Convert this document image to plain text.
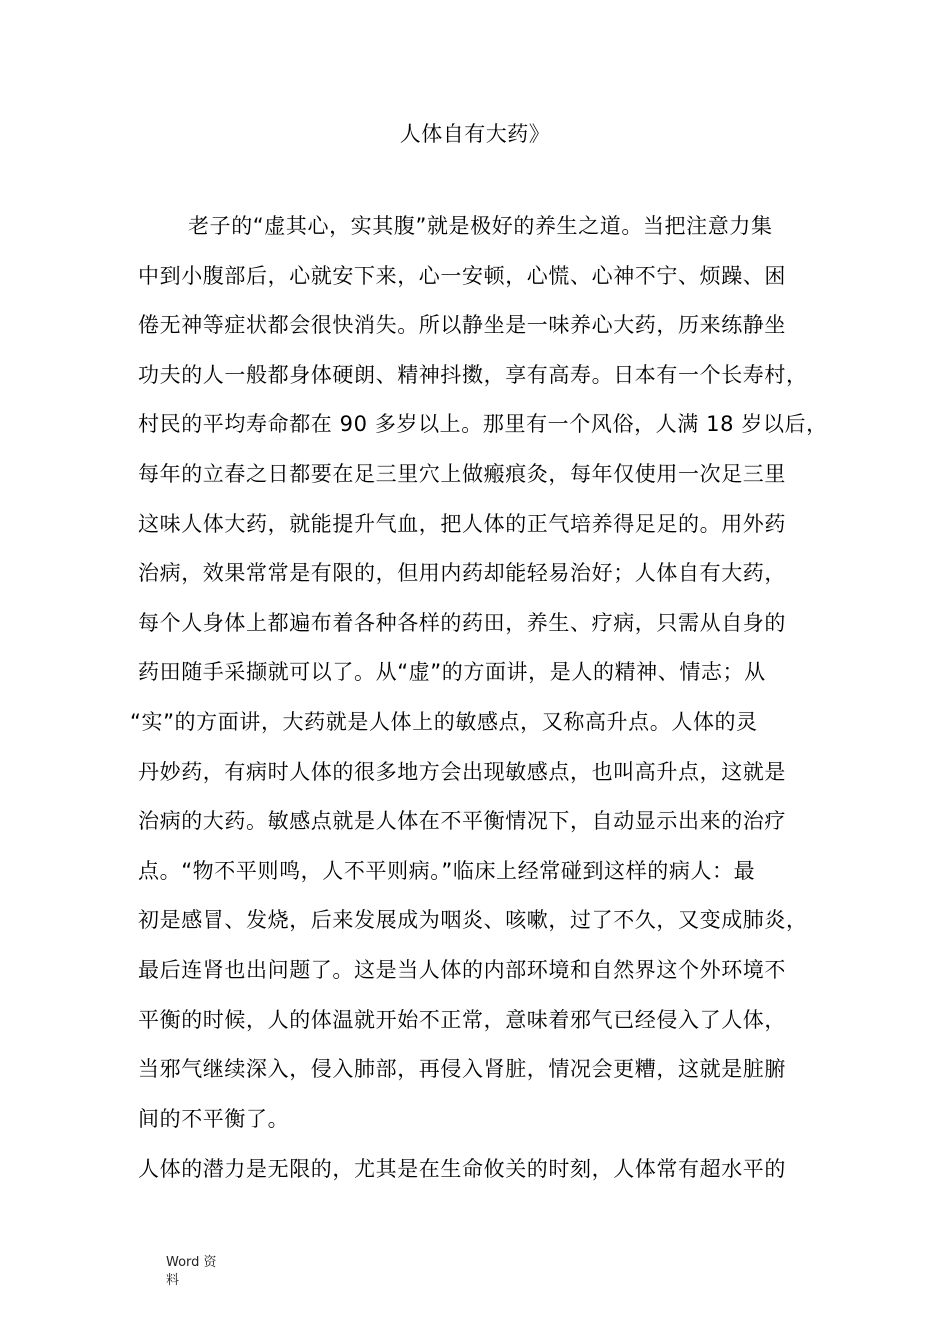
人体自有大药》
老子的“虚其心，实其腹”就是极好的养生之道。当把注意力集
中到小腹部后，心就安下来，心一安顿，心慌、心神不宁、烦躁、困
倦无神等症状都会很快消失。所以静坐是一味养心大药，历来练静坐
功夫的人一般都身体硬朗、精神抖擞，享有高寿。日本有一个长寿村，
村民的平均寿命都在 90 多岁以上。那里有一个风俗，人满 18 岁以后，
每年的立春之日都要在足三里穴上做瘢痕灸，每年仅使用一次足三里
这味人体大药，就能提升气血，把人体的正气培养得足足的。用外药
治病，效果常常是有限的，但用内药却能轻易治好；人体自有大药，
每个人身体上都遍布着各种各样的药田，养生、疗病，只需从自身的
药田随手采撷就可以了。从“虚”的方面讲，是人的精神、情志；从
“实”的方面讲，大药就是人体上的敏感点，又称高升点。人体的灵
丹妙药，有病时人体的很多地方会出现敏感点，也叫高升点，这就是
治病的大药。敏感点就是人体在不平衡情况下，自动显示出来的治疗
点。“物不平则鸣，人不平则病。”临床上经常碰到这样的病人：最
初是感冒、发烧，后来发展成为咽炎、咳嗽，过了不久，又变成肺炎，
最后连肾也出问题了。这是当人体的内部环境和自然界这个外环境不
平衡的时候，人的体温就开始不正常，意味着邪气已经侵入了人体，
当邪气继续深入，侵入肺部，再侵入肾脏，情况会更糟，这就是脏腑
间的不平衡了。
人体的潜力是无限的，尤其是在生命攸关的时刻，人体常有超水平的
Word 资
料
